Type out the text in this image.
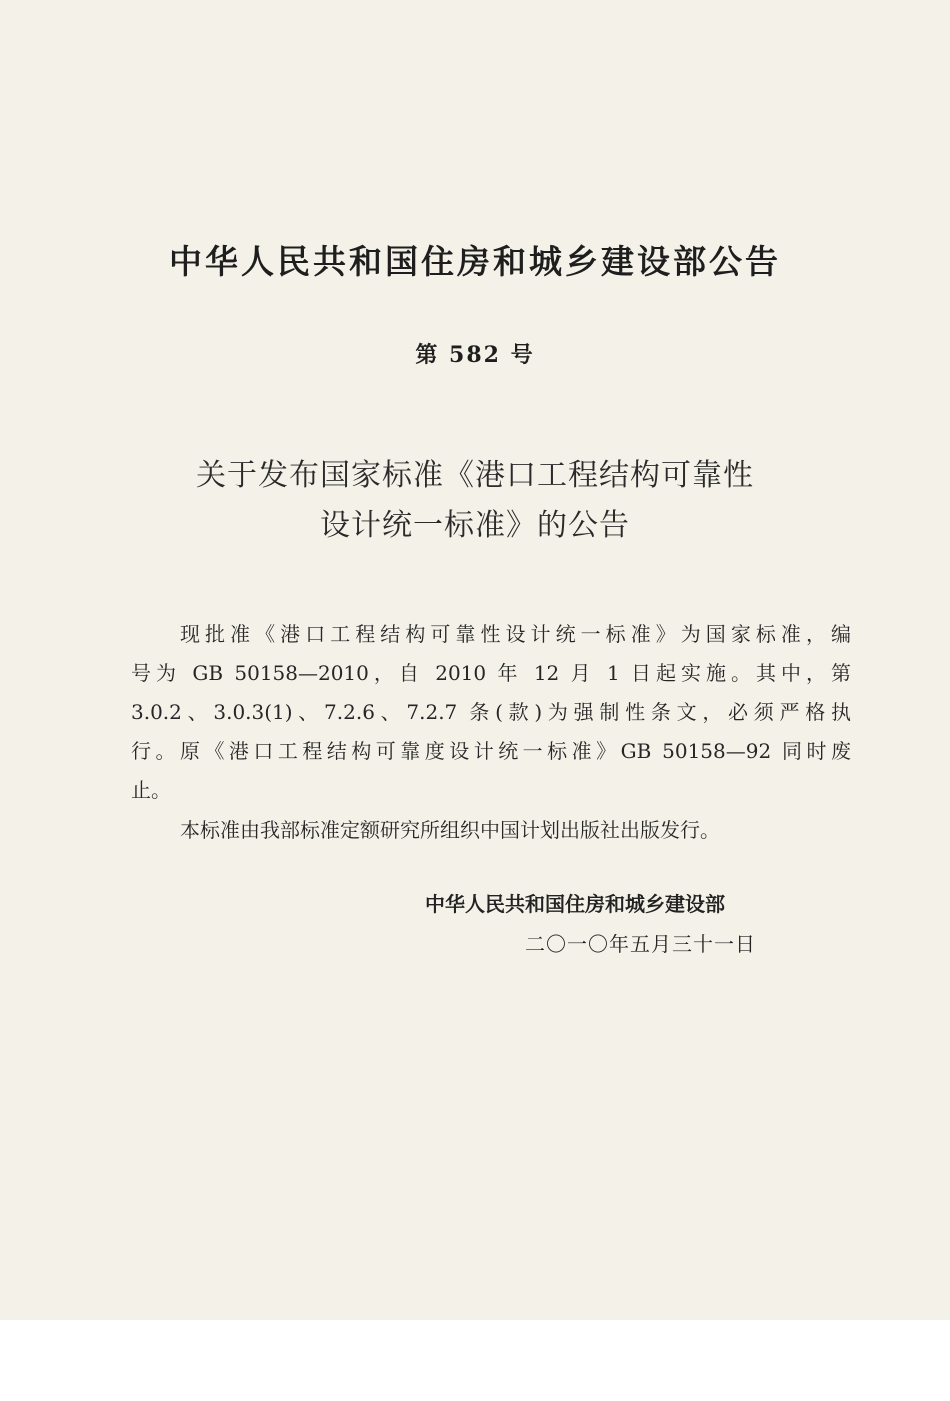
中华人民共和国住房和城乡建设部公告
第 582 号
关于发布国家标准《港口工程结构可靠性
设计统一标准》的公告
现批准《港口工程结构可靠性设计统一标准》为国家标准，编
号为 GB 50158—2010，自 2010 年 12 月 1 日起实施。其中，第
3.0.2、3.0.3(1)、7.2.6、7.2.7 条(款)为强制性条文，必须严格执
行。原《港口工程结构可靠度设计统一标准》GB 50158—92 同时废
止。
本标准由我部标准定额研究所组织中国计划出版社出版发行。
中华人民共和国住房和城乡建设部
二〇一〇年五月三十一日
